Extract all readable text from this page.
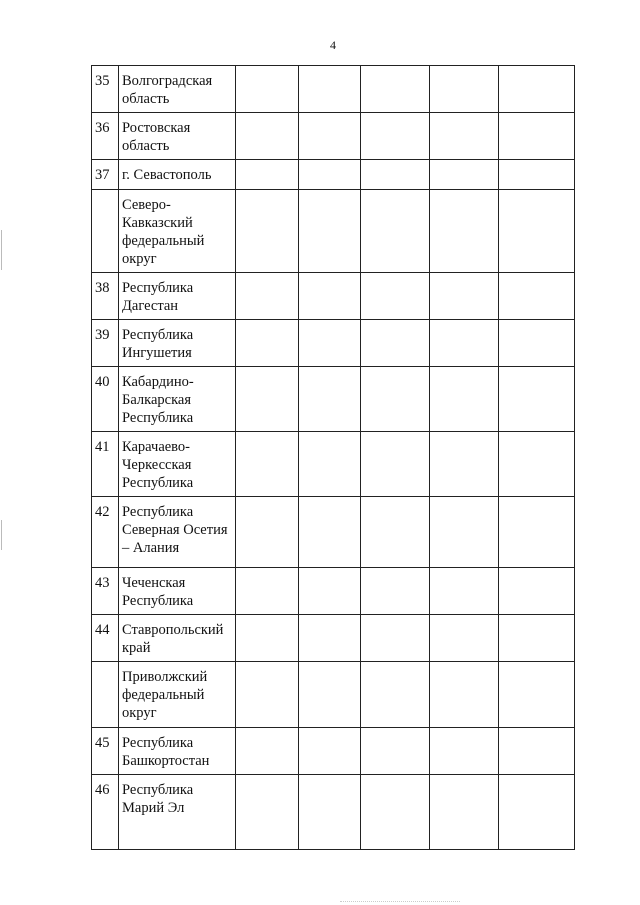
4
35	Волгоградская область					
36	Ростовская область					
37	г. Севастополь					
	Северо-Кавказский федеральный округ					
38	Республика Дагестан					
39	Республика Ингушетия					
40	Кабардино-Балкарская Республика					
41	Карачаево-Черкесская Республика					
42	Республика Северная Осетия – Алания					
43	Чеченская Республика					
44	Ставропольский край					
	Приволжский федеральный округ					
45	Республика Башкортостан					
46	Республика Марий Эл					
